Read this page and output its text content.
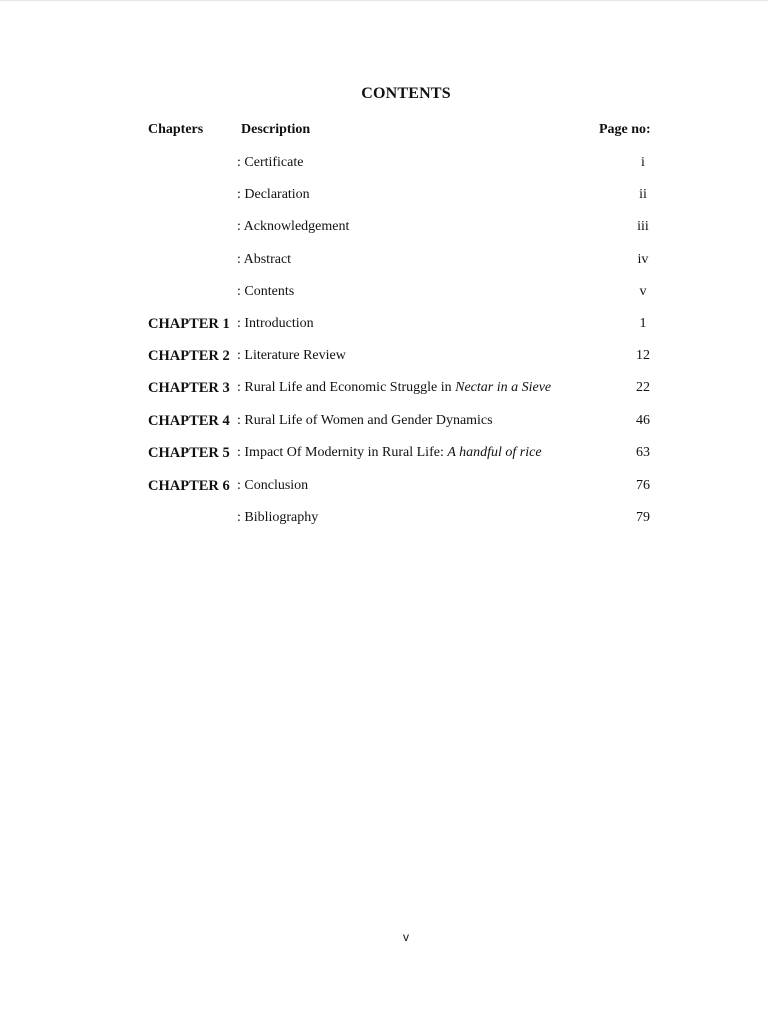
CONTENTS
Chapters	Description	Page no:
: Certificate	i
: Declaration	ii
: Acknowledgement	iii
: Abstract	iv
: Contents	v
CHAPTER 1 : Introduction	1
CHAPTER 2 : Literature Review	12
CHAPTER 3 : Rural Life and Economic Struggle in Nectar in a Sieve	22
CHAPTER 4 : Rural Life of Women and Gender Dynamics	46
CHAPTER 5 : Impact Of Modernity in Rural Life: A handful of rice	63
CHAPTER 6 : Conclusion	76
: Bibliography	79
v
